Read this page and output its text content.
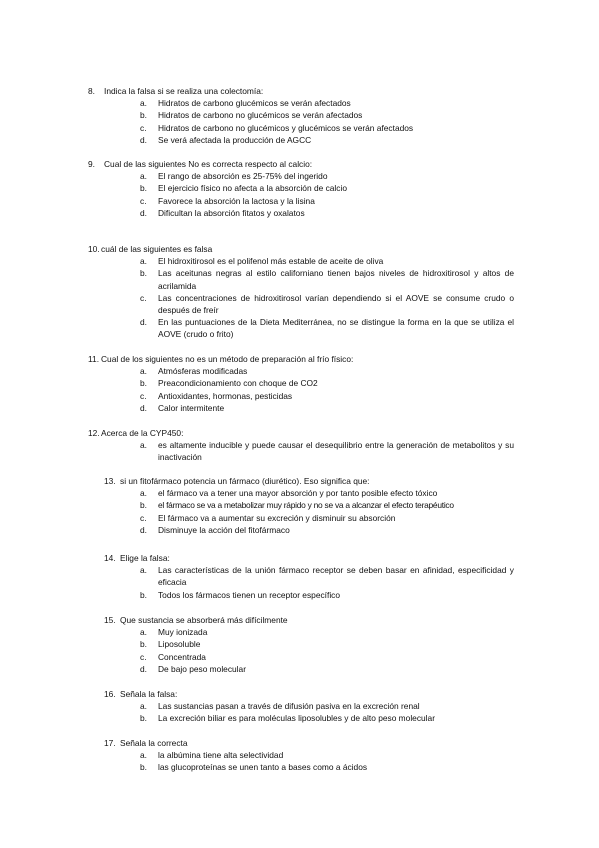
8. Indica la falsa si se realiza una colectomía:
a. Hidratos de carbono glucémicos se verán afectados
b. Hidratos de carbono no glucémicos se verán afectados
c. Hidratos de carbono no glucémicos y glucémicos se verán afectados
d. Se verá afectada la producción de AGCC
9. Cual de las siguientes No es correcta respecto al calcio:
a. El rango de absorción es 25-75% del ingerido
b. El ejercicio físico no afecta a la absorción de calcio
c. Favorece la absorción la lactosa y la lisina
d. Dificultan la absorción fitatos y oxalatos
10. cuál de las siguientes es falsa
a. El hidroxitirosol es el polifenol más estable de aceite de oliva
b. Las aceitunas negras al estilo californiano tienen bajos niveles de hidroxitirosol y altos de acrilamida
c. Las concentraciones de hidroxitirosol varían dependiendo si el AOVE se consume crudo o después de freír
d. En las puntuaciones de la Dieta Mediterránea, no se distingue la forma en la que se utiliza el AOVE (crudo o frito)
11. Cual de los siguientes no es un método de preparación al frío físico:
a. Atmósferas modificadas
b. Preacondicionamiento con choque de CO2
c. Antioxidantes, hormonas, pesticidas
d. Calor intermitente
12. Acerca de la CYP450:
a. es altamente inducible y puede causar el desequilibrio entre la generación de metabolitos y su inactivación
13. si un fitofármaco potencia un fármaco (diurético). Eso significa que:
a. el fármaco va a tener una mayor absorción y por tanto posible efecto tóxico
b. el fármaco se va a metabolizar muy rápido y no se va a alcanzar el efecto terapéutico
c. El fármaco va a aumentar su excreción y disminuir su absorción
d. Disminuye la acción del fitofármaco
14. Elige la falsa:
a. Las características de la unión fármaco receptor se deben basar en afinidad, especificidad y eficacia
b. Todos los fármacos tienen un receptor específico
15. Que sustancia se absorberá más difícilmente
a. Muy ionizada
b. Liposoluble
c. Concentrada
d. De bajo peso molecular
16. Señala la falsa:
a. Las sustancias pasan a través de difusión pasiva en la excreción renal
b. La excreción biliar es para moléculas liposolubles y de alto peso molecular
17. Señala la correcta
a. la albúmina tiene alta selectividad
b. las glucoproteínas se unen tanto a bases como a ácidos
